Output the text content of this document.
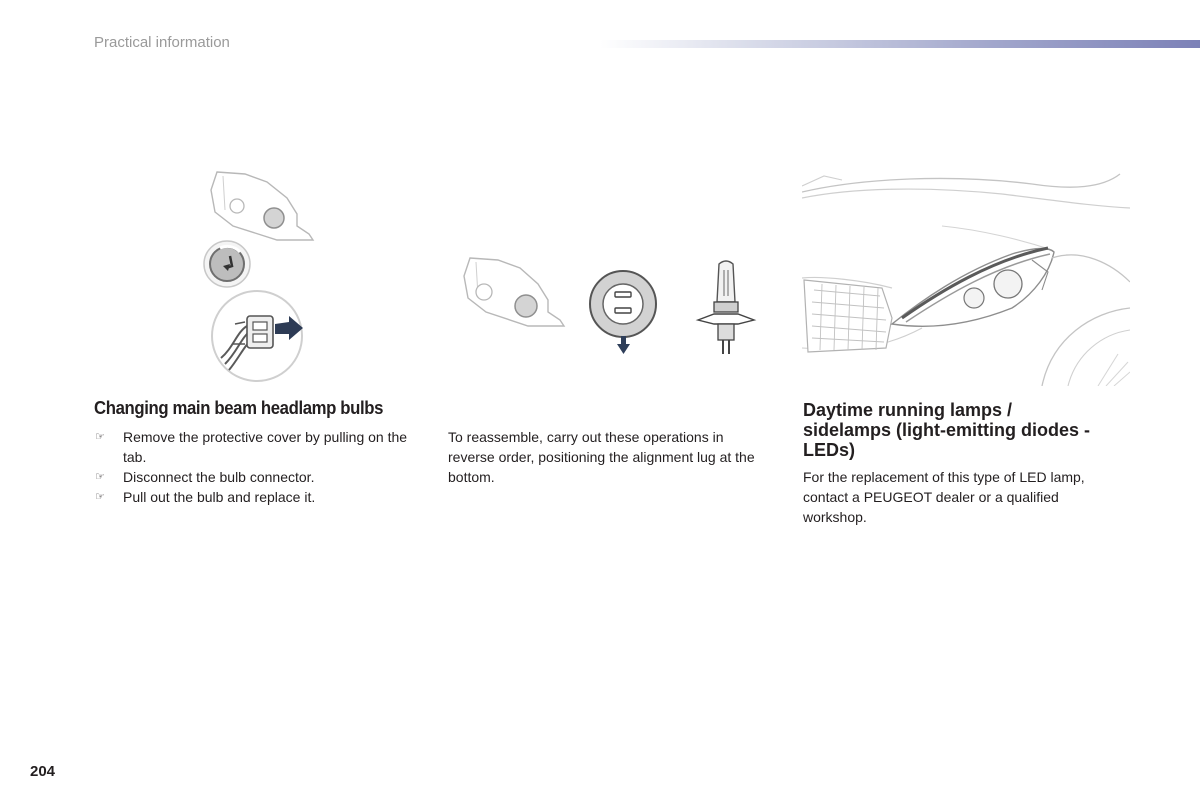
Practical information
Changing main beam headlamp bulbs
☞ Remove the protective cover by pulling on the tab.
☞ Disconnect the bulb connector.
☞ Pull out the bulb and replace it.

To reassemble, carry out these operations in reverse order, positioning the alignment lug at the bottom.

Daytime running lamps / sidelamps (light-emitting diodes - LEDs)

For the replacement of this type of LED lamp, contact a PEUGEOT dealer or a qualified workshop.

204
